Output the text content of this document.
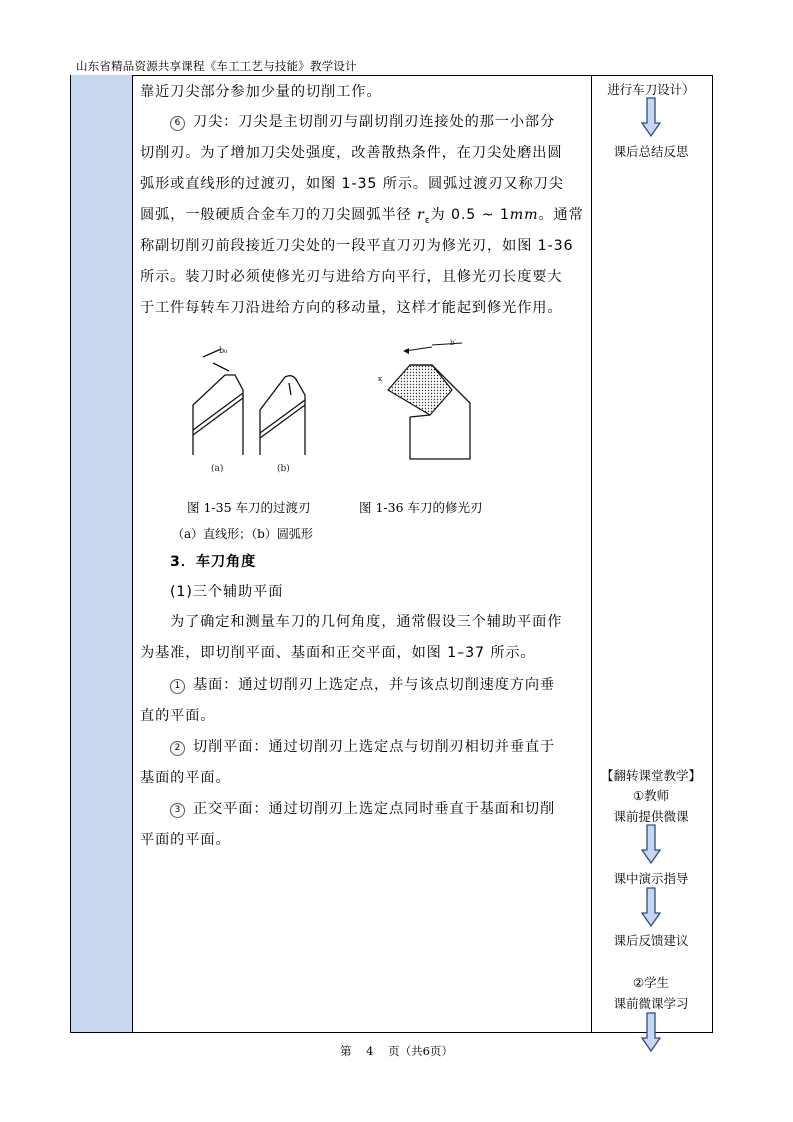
山东省精品资源共享课程《车工工艺与技能》教学设计
靠近刀尖部分参加少量的切削工作。
6 刀尖：刀尖是主切削刃与副切削刃连接处的那一小部分
切削刃。为了增加刀尖处强度，改善散热条件，在刀尖处磨出圆
弧形或直线形的过渡刃，如图 1-35 所示。圆弧过渡刃又称刀尖
圆弧，一般硬质合金车刀的刀尖圆弧半径 $r_\varepsilon$为 0.5 ~ 1mm。通常
称副切削刃前段接近刀尖处的一段平直刀刃为修光刃，如图 1-36
所示。装刀时必须使修光刃与进给方向平行，且修光刃长度要大
于工件每转车刀沿进给方向的移动量，这样才能起到修光作用。
b₀
(a)	(b)
b′
κ
图 1-35 车刀的过渡刃	图 1-36 车刀的修光刃
（a）直线形；（b）圆弧形
3．车刀角度
(1)三个辅助平面
为了确定和测量车刀的几何角度，通常假设三个辅助平面作
为基准，即切削平面、基面和正交平面，如图 1–37 所示。
1 基面：通过切削刃上选定点，并与该点切削速度方向垂
直的平面。
2 切削平面：通过切削刃上选定点与切削刃相切并垂直于
基面的平面。
3 正交平面：通过切削刃上选定点同时垂直于基面和切削
平面的平面。
进行车刀设计）
课后总结反思
【翻转课堂教学】
①教师
课前提供微课
课中演示指导
课后反馈建议
②学生
课前微课学习
第 4 页（共6页）
